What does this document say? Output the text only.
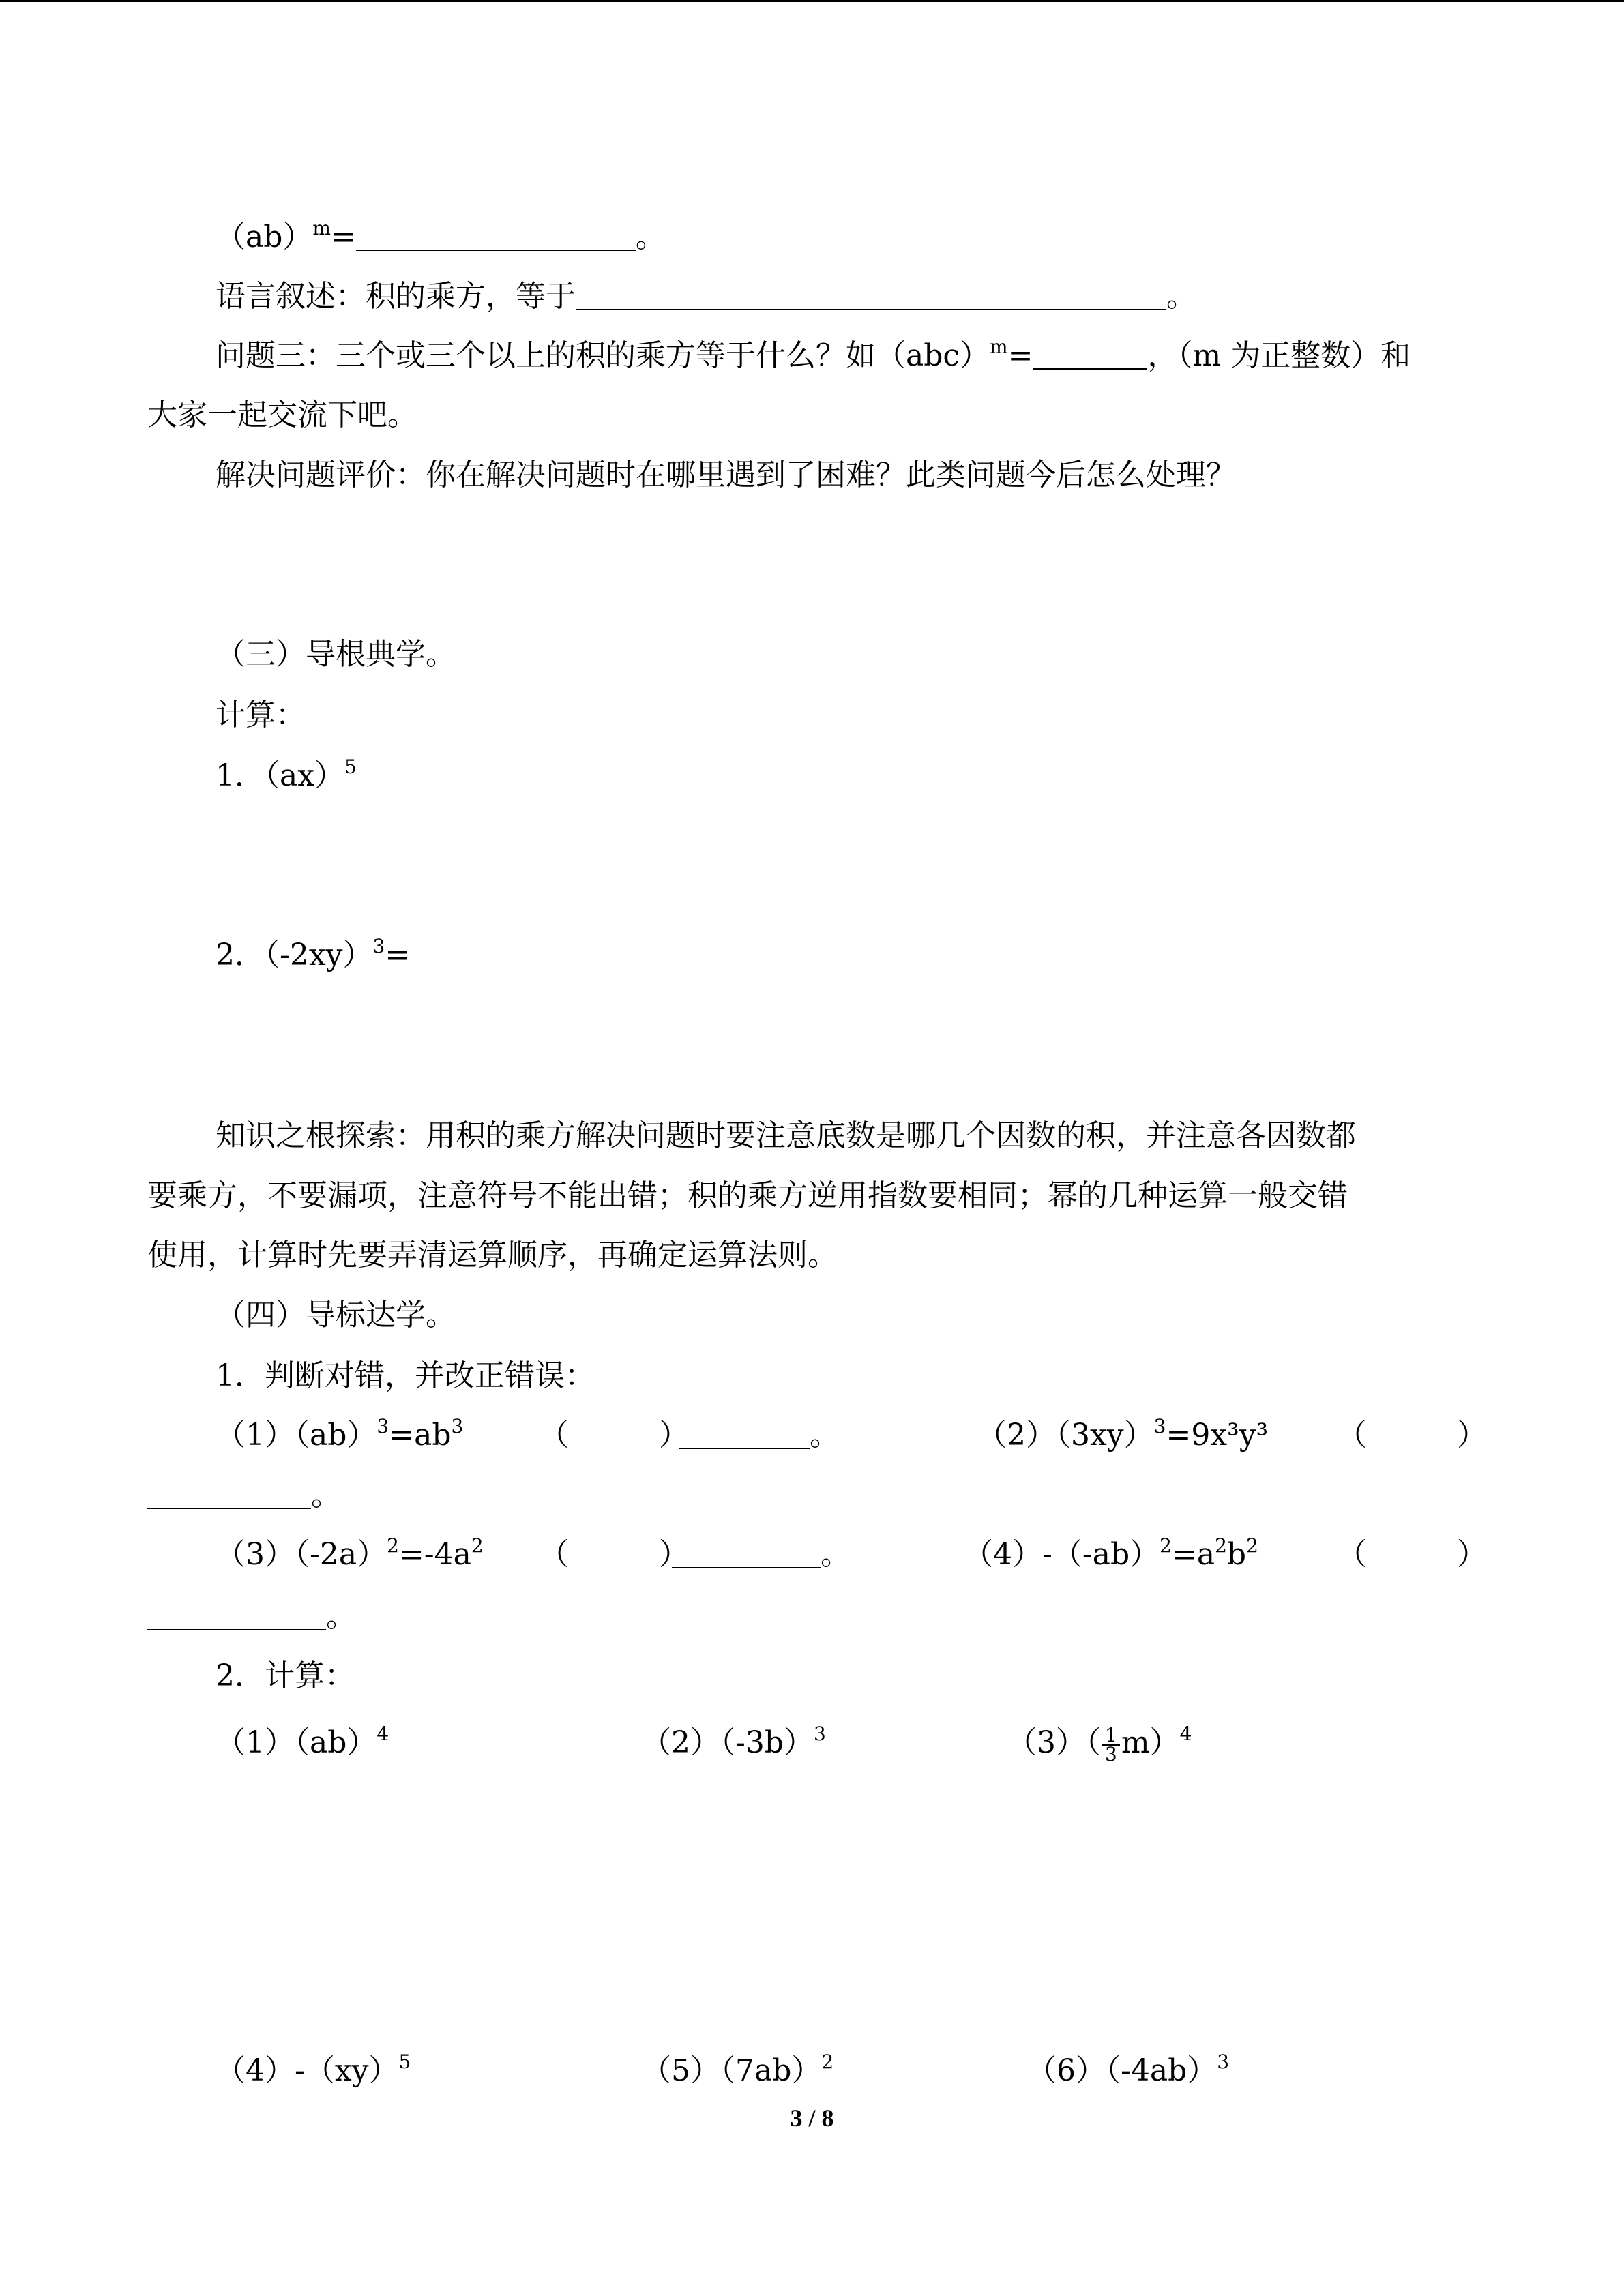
（ab）$^m$=	。
语言叙述：积的乘方，等于	。
问题三：三个或三个以上的积的乘方等于什么？如（abc）$^m$=	，（m 为正整数）和
大家一起交流下吧。
解决问题评价：你在解决问题时在哪里遇到了困难？此类问题今后怎么处理？
（三）导根典学。
计算：
1．（ax）$^5$
2．$(-2xy)^3=$
知识之根探索：用积的乘方解决问题时要注意底数是哪几个因数的积，并注意各因数都
要乘方，不要漏项，注意符号不能出错；积的乘方逆用指数要相同；幂的几种运算一般交错
使用，计算时先要弄清运算顺序，再确定运算法则。
（四）导标达学。
1．判断对错，并改正错误：
$(1)(ab)^3=ab^3$	（　　　）	。	$(2)(3xy)^3=9x^3y^3$ （　　　）
。
$(3)(-2a)^2=-4a^2$ （　　　）	。	$(4)-(-ab)^2=a^2b^2$	（　　　）
。
2．计算：
（1）（ab）$^4$	$(2)(-3b)^3$	$(3)( \frac{1}{3} m)^4$
（4）-（xy）$^5$	$(5)(7ab)^2$	$(6)(-4ab)^3$
3 / 8
